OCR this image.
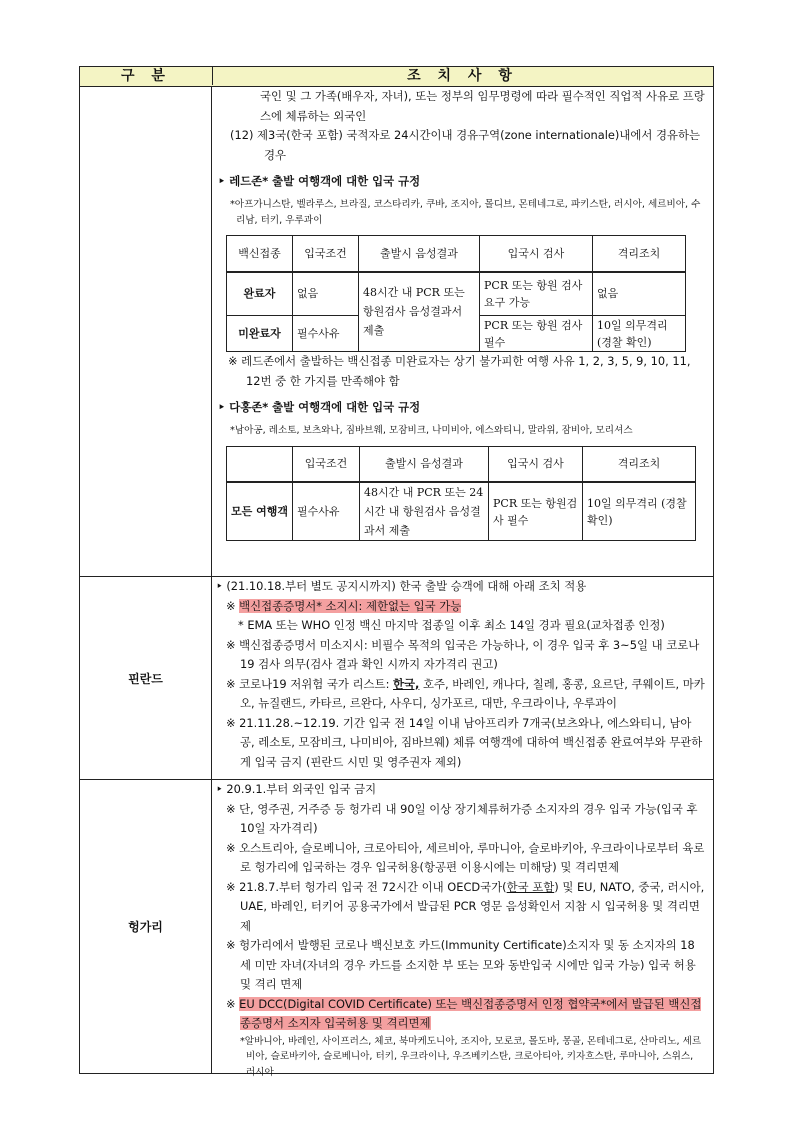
구 분	조 치 사 항
국인 및 그 가족(배우자, 자녀), 또는 정부의 임무명령에 따라 필수적인 직업적 사유로 프랑스에 체류하는 외국인
(12) 제3국(한국 포함) 국적자로 24시간이내 경유구역(zone internationale)내에서 경유하는 경우
‣ 레드존* 출발 여행객에 대한 입국 규정
*아프가니스탄, 벨라루스, 브라질, 코스타리카, 쿠바, 조지아, 몰디브, 몬테네그로, 파키스탄, 러시아, 세르비아, 수리남, 터키, 우루과이
백신접종	입국조건	출발시 음성결과	입국시 검사	격리조치
완료자	없음	48시간 내 PCR 또는 항원검사 음성결과서 제출	PCR 또는 항원 검사 요구 가능	없음
미완료자	필수사유		PCR 또는 항원 검사 필수	10일 의무격리 (경찰 확인)
※ 레드존에서 출발하는 백신접종 미완료자는 상기 불가피한 여행 사유 1, 2, 3, 5, 9, 10, 11, 12번 중 한 가지를 만족해야 함
‣ 다홍존* 출발 여행객에 대한 입국 규정
*남아공, 레소토, 보츠와나, 짐바브웨, 모잠비크, 나미비아, 에스와티니, 말라위, 잠비아, 모리셔스
	입국조건	출발시 음성결과	입국시 검사	격리조치
모든 여행객	필수사유	48시간 내 PCR 또는 24시간 내 항원검사 음성결과서 제출	PCR 또는 항원검사 필수	10일 의무격리 (경찰 확인)
핀란드
‣ (21.10.18.부터 별도 공지시까지) 한국 출발 승객에 대해 아래 조치 적용
※ 백신접종증명서* 소지시: 제한없는 입국 가능
* EMA 또는 WHO 인정 백신 마지막 접종일 이후 최소 14일 경과 필요(교차접종 인정)
※ 백신접종증명서 미소지시: 비필수 목적의 입국은 가능하나, 이 경우 입국 후 3~5일 내 코로나19 검사 의무(검사 결과 확인 시까지 자가격리 권고)
※ 코로나19 저위험 국가 리스트: 한국, 호주, 바레인, 캐나다, 칠레, 홍콩, 요르단, 쿠웨이트, 마카오, 뉴질랜드, 카타르, 르완다, 사우디, 싱가포르, 대만, 우크라이나, 우루과이
※ 21.11.28.~12.19. 기간 입국 전 14일 이내 남아프리카 7개국(보츠와나, 에스와티니, 남아공, 레소토, 모잠비크, 나미비아, 짐바브웨) 체류 여행객에 대하여 백신접종 완료여부와 무관하게 입국 금지 (핀란드 시민 및 영주권자 제외)
헝가리
‣ 20.9.1.부터 외국인 입국 금지
※ 단, 영주권, 거주증 등 헝가리 내 90일 이상 장기체류허가증 소지자의 경우 입국 가능(입국 후 10일 자가격리)
※ 오스트리아, 슬로베니아, 크로아티아, 세르비아, 루마니아, 슬로바키아, 우크라이나로부터 육로로 헝가리에 입국하는 경우 입국허용(항공편 이용시에는 미해당) 및 격리면제
※ 21.8.7.부터 헝가리 입국 전 72시간 이내 OECD국가(한국 포함) 및 EU, NATO, 중국, 러시아, UAE, 바레인, 터키어 공용국가에서 발급된 PCR 영문 음성확인서 지참 시 입국허용 및 격리면제
※ 헝가리에서 발행된 코로나 백신보호 카드(Immunity Certificate)소지자 및 동 소지자의 18세 미만 자녀(자녀의 경우 카드를 소지한 부 또는 모와 동반입국 시에만 입국 가능) 입국 허용 및 격리 면제
※ EU DCC(Digital COVID Certificate) 또는 백신접종증명서 인정 협약국*에서 발급된 백신접종증명서 소지자 입국허용 및 격리면제
*알바니아, 바레인, 사이프러스, 체코, 북마케도니아, 조지아, 모로코, 몰도바, 몽골, 몬테네그로, 산마리노, 세르비아, 슬로바키아, 슬로베니아, 터키, 우크라이나, 우즈베키스탄, 크로아티아, 키자흐스탄, 루마니아, 스위스, 러시아
